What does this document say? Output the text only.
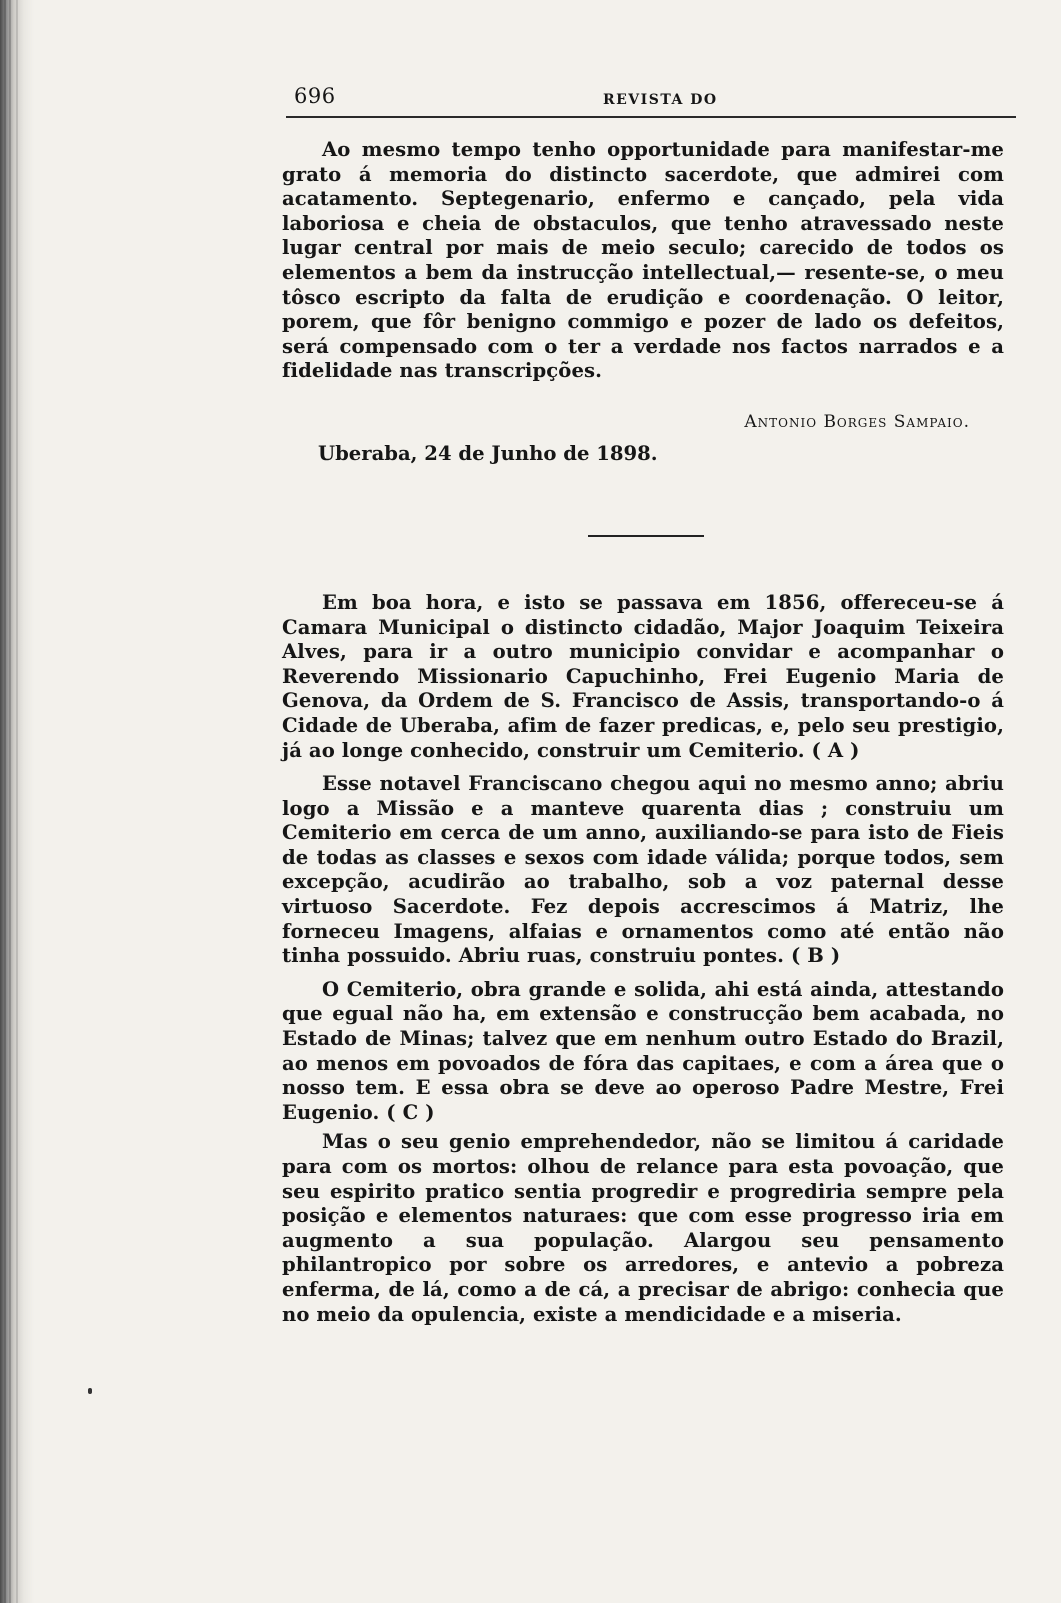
696	REVISTA DO

Ao mesmo tempo tenho opportunidade para manifestar-me grato á memoria do distincto sacerdote, que admirei com acatamento. Septegenario, enfermo e cançado, pela vida laboriosa e cheia de obstaculos, que tenho atravessado neste lugar central por mais de meio seculo; carecido de todos os elementos a bem da instrucção intellectual,— resente-se, o meu tôsco escripto da falta de erudição e coordenação. O leitor, porem, que fôr benigno commigo e pozer de lado os defeitos, será compensado com o ter a verdade nos factos narrados e a fidelidade nas transcripções.

Antonio Borges Sampaio.
Uberaba, 24 de Junho de 1898.

Em boa hora, e isto se passava em 1856, offereceu-se á Camara Municipal o distincto cidadão, Major Joaquim Teixeira Alves, para ir a outro municipio convidar e acompanhar o Reverendo Missionario Capuchinho, Frei Eugenio Maria de Genova, da Ordem de S. Francisco de Assis, transportando-o á Cidade de Uberaba, afim de fazer predicas, e, pelo seu prestigio, já ao longe conhecido, construir um Cemiterio. ( A )

Esse notavel Franciscano chegou aqui no mesmo anno; abriu logo a Missão e a manteve quarenta dias ; construiu um Cemiterio em cerca de um anno, auxiliando-se para isto de Fieis de todas as classes e sexos com idade válida; porque todos, sem excepção, acudirão ao trabalho, sob a voz paternal desse virtuoso Sacerdote. Fez depois accrescimos á Matriz, lhe forneceu Imagens, alfaias e ornamentos como até então não tinha possuido. Abriu ruas, construiu pontes. ( B )

O Cemiterio, obra grande e solida, ahi está ainda, attestando que egual não ha, em extensão e construcção bem acabada, no Estado de Minas; talvez que em nenhum outro Estado do Brazil, ao menos em povoados de fóra das capitaes, e com a área que o nosso tem. E essa obra se deve ao operoso Padre Mestre, Frei Eugenio. ( C )

Mas o seu genio emprehendedor, não se limitou á caridade para com os mortos: olhou de relance para esta povoação, que seu espirito pratico sentia progredir e progrediria sempre pela posição e elementos naturaes: que com esse progresso iria em augmento a sua população. Alargou seu pensamento philantropico por sobre os arredores, e antevio a pobreza enferma, de lá, como a de cá, a precisar de abrigo: conhecia que no meio da opulencia, existe a mendicidade e a miseria.
